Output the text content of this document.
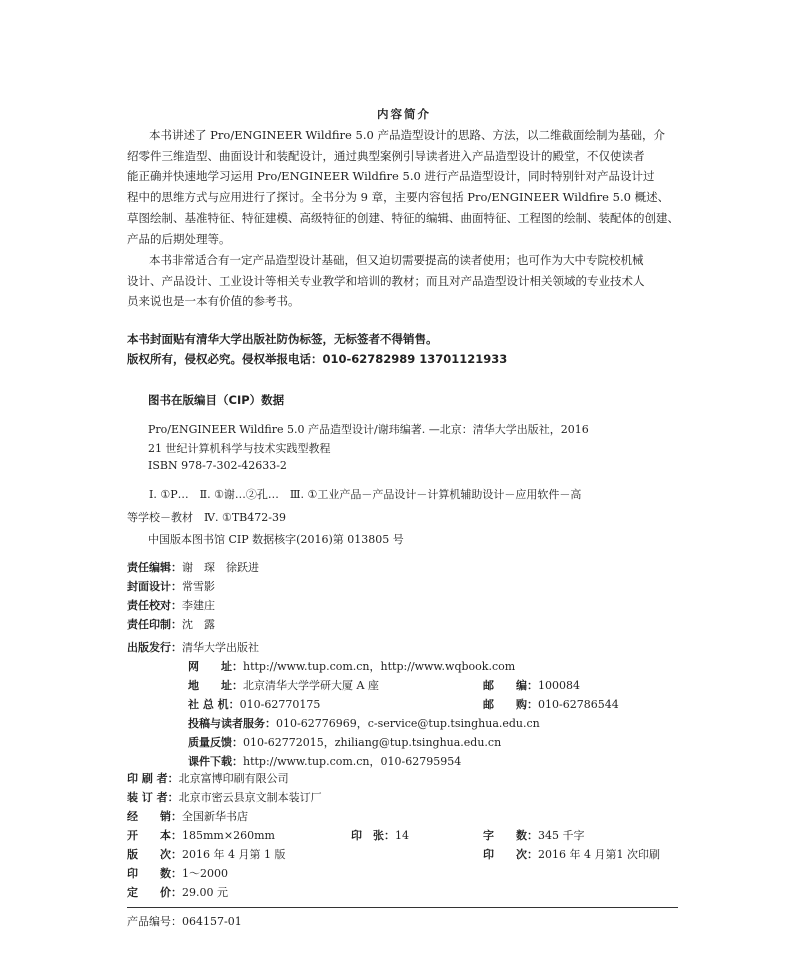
内容简介
本书讲述了 Pro/ENGINEER Wildfire 5.0 产品造型设计的思路、方法，以二维截面绘制为基础，介
绍零件三维造型、曲面设计和装配设计，通过典型案例引导读者进入产品造型设计的殿堂，不仅使读者
能正确并快速地学习运用 Pro/ENGINEER Wildfire 5.0 进行产品造型设计，同时特别针对产品设计过
程中的思维方式与应用进行了探讨。全书分为 9 章，主要内容包括 Pro/ENGINEER Wildfire 5.0 概述、
草图绘制、基准特征、特征建模、高级特征的创建、特征的编辑、曲面特征、工程图的绘制、装配体的创建、
产品的后期处理等。
本书非常适合有一定产品造型设计基础，但又迫切需要提高的读者使用；也可作为大中专院校机械
设计、产品设计、工业设计等相关专业教学和培训的教材；而且对产品造型设计相关领域的专业技术人
员来说也是一本有价值的参考书。
本书封面贴有清华大学出版社防伪标签，无标签者不得销售。
版权所有，侵权必究。侵权举报电话：010-62782989 13701121933
图书在版编目（CIP）数据
Pro/ENGINEER Wildfire 5.0 产品造型设计/谢玮编著. —北京：清华大学出版社，2016
21 世纪计算机科学与技术实践型教程
ISBN 978-7-302-42633-2
Ⅰ. ①P…　Ⅱ. ①谢…②孔…　Ⅲ. ①工业产品－产品设计－计算机辅助设计－应用软件－高
等学校－教材　Ⅳ. ①TB472-39
中国版本图书馆 CIP 数据核字(2016)第 013805 号
责任编辑：谢　琛　徐跃进
封面设计：常雪影
责任校对：李建庄
责任印制：沈　露
出版发行：清华大学出版社
网　　址：http://www.tup.com.cn，http://www.wqbook.com
地　　址：北京清华大学学研大厦 A 座	邮　　编：100084
社 总 机：010-62770175	邮　　购：010-62786544
投稿与读者服务：010-62776969，c-service@tup.tsinghua.edu.cn
质量反馈：010-62772015，zhiliang@tup.tsinghua.edu.cn
课件下载：http://www.tup.com.cn，010-62795954
印 刷 者：北京富博印刷有限公司
装 订 者：北京市密云县京文制本装订厂
经　　销：全国新华书店
开　　本：185mm×260mm	印　张：14	字　　数：345 千字
版　　次：2016 年 4 月第 1 版	印　　次：2016 年 4 月第1 次印刷
印　　数：1～2000
定　　价：29.00 元
产品编号：064157-01
